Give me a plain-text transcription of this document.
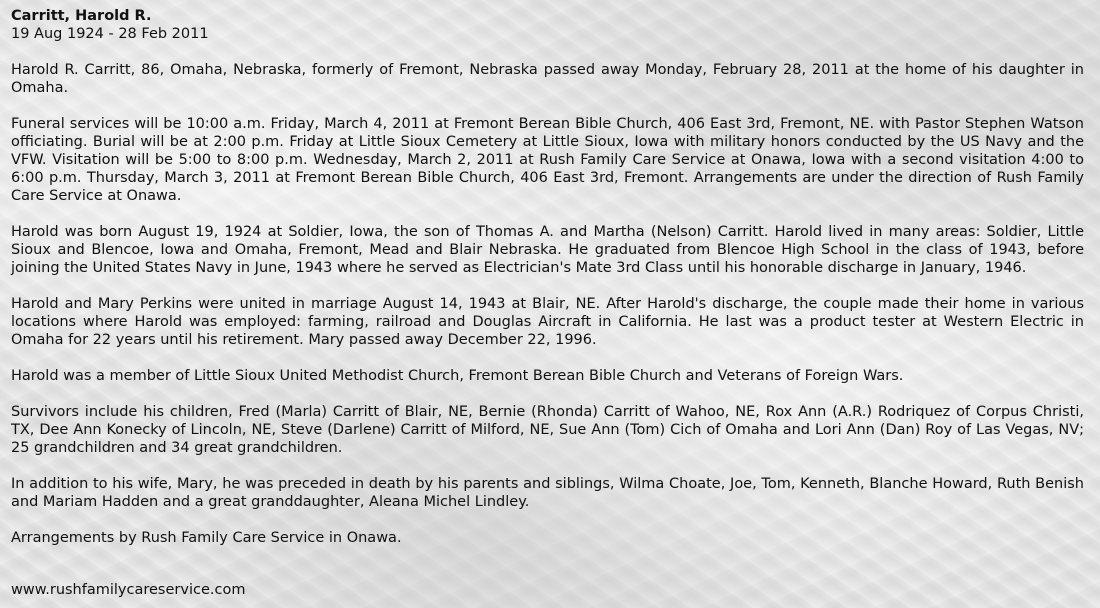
Carritt, Harold R.

19 Aug 1924 - 28 Feb 2011

Harold R. Carritt, 86, Omaha, Nebraska, formerly of Fremont, Nebraska passed away Monday, February 28, 2011 at the home of his daughter in Omaha.

Funeral services will be 10:00 a.m. Friday, March 4, 2011 at Fremont Berean Bible Church, 406 East 3rd, Fremont, NE. with Pastor Stephen Watson officiating. Burial will be at 2:00 p.m. Friday at Little Sioux Cemetery at Little Sioux, Iowa with military honors conducted by the US Navy and the VFW. Visitation will be 5:00 to 8:00 p.m. Wednesday, March 2, 2011 at Rush Family Care Service at Onawa, Iowa with a second visitation 4:00 to 6:00 p.m. Thursday, March 3, 2011 at Fremont Berean Bible Church, 406 East 3rd, Fremont. Arrangements are under the direction of Rush Family Care Service at Onawa.

Harold was born August 19, 1924 at Soldier, Iowa, the son of Thomas A. and Martha (Nelson) Carritt. Harold lived in many areas: Soldier, Little Sioux and Blencoe, Iowa and Omaha, Fremont, Mead and Blair Nebraska. He graduated from Blencoe High School in the class of 1943, before joining the United States Navy in June, 1943 where he served as Electrician's Mate 3rd Class until his honorable discharge in January, 1946.

Harold and Mary Perkins were united in marriage August 14, 1943 at Blair, NE. After Harold's discharge, the couple made their home in various locations where Harold was employed: farming, railroad and Douglas Aircraft in California. He last was a product tester at Western Electric in Omaha for 22 years until his retirement. Mary passed away December 22, 1996.

Harold was a member of Little Sioux United Methodist Church, Fremont Berean Bible Church and Veterans of Foreign Wars.

Survivors include his children, Fred (Marla) Carritt of Blair, NE, Bernie (Rhonda) Carritt of Wahoo, NE, Rox Ann (A.R.) Rodriquez of Corpus Christi, TX, Dee Ann Konecky of Lincoln, NE, Steve (Darlene) Carritt of Milford, NE, Sue Ann (Tom) Cich of Omaha and Lori Ann (Dan) Roy of Las Vegas, NV; 25 grandchildren and 34 great grandchildren.

In addition to his wife, Mary, he was preceded in death by his parents and siblings, Wilma Choate, Joe, Tom, Kenneth, Blanche Howard, Ruth Benish and Mariam Hadden and a great granddaughter, Aleana Michel Lindley.

Arrangements by Rush Family Care Service in Onawa.

www.rushfamilycareservice.com
